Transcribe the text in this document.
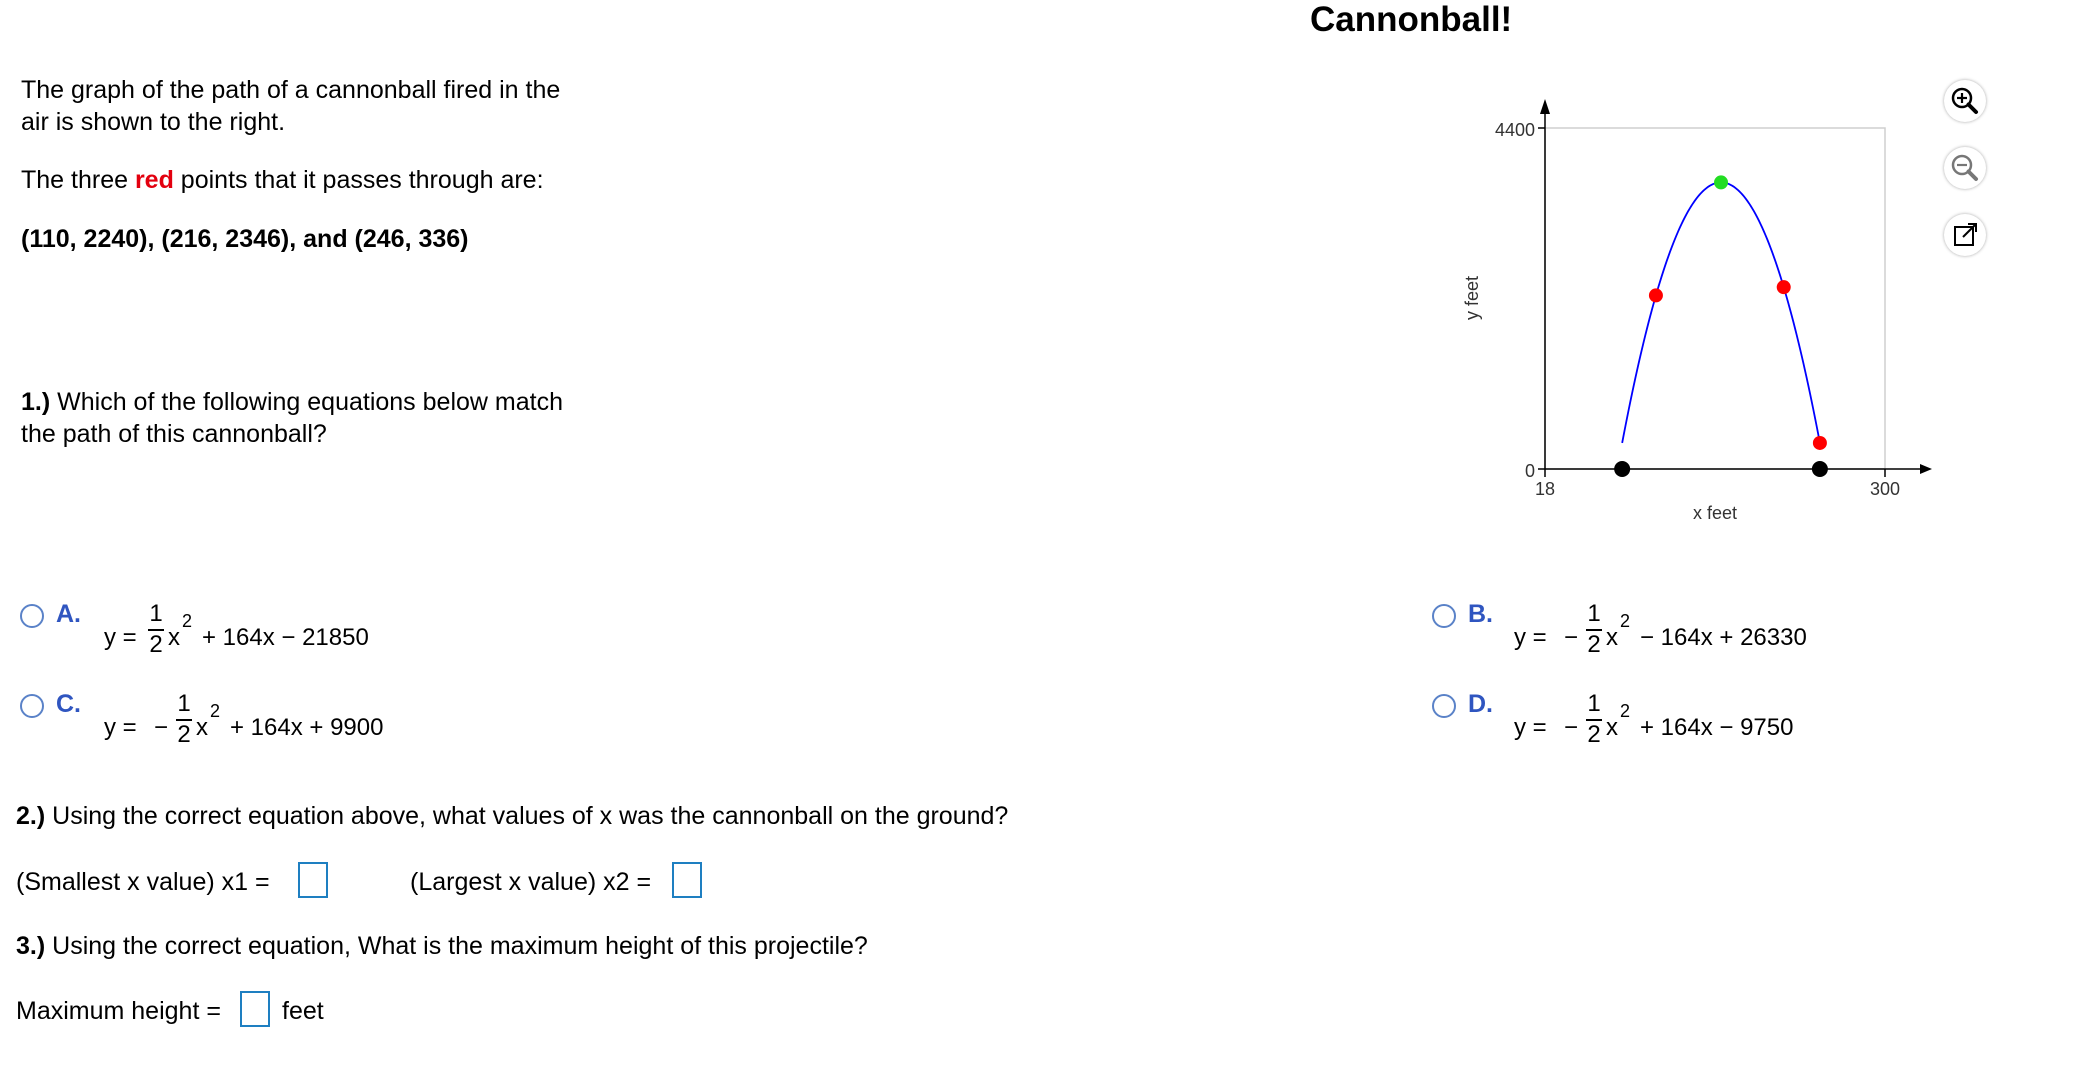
Cannonball!
The graph of the path of a cannonball fired in the
air is shown to the right.
The three red points that it passes through are:
(110, 2240), (216, 2346), and (246, 336)
1.) Which of the following equations below match
the path of this cannonball?
4400
0
18	300
x feet
y feet
A.
y =
1
2 x
2
+ 164x − 21850
B.
y = −
1
2 x
2
− 164x + 26330
C.
y = −
1
2 x
2
+ 164x + 9900
D.
y = −
1
2 x
2
+ 164x − 9750
2.) Using the correct equation above, what values of x was the cannonball on the ground?
(Smallest x value) x1 =	(Largest x value) x2 =
3.) Using the correct equation, What is the maximum height of this projectile?
Maximum height = feet
